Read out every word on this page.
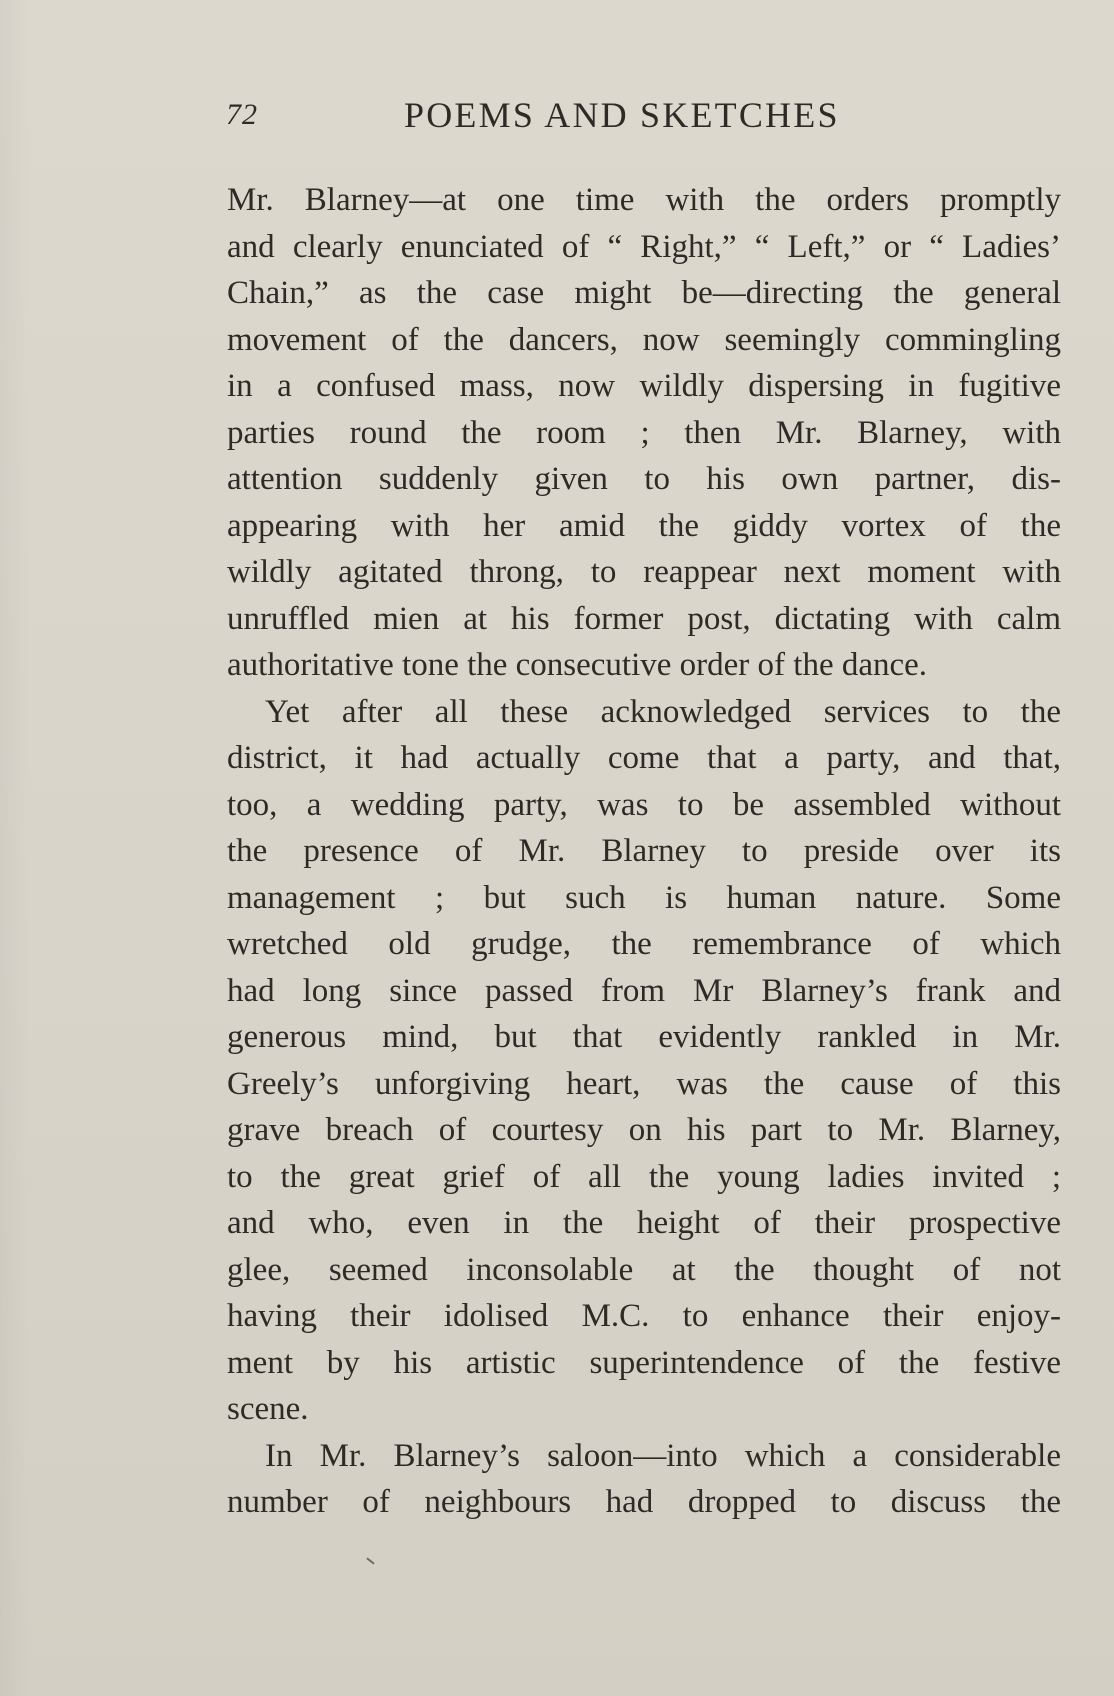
72	POEMS AND SKETCHES
Mr. Blarney—at one time with the orders promptly
and clearly enunciated of “ Right,” “ Left,” or “ Ladies’
Chain,” as the case might be—directing the general
movement of the dancers, now seemingly commingling
in a confused mass, now wildly dispersing in fugitive
parties round the room ; then Mr. Blarney, with
attention suddenly given to his own partner, dis-
appearing with her amid the giddy vortex of the
wildly agitated throng, to reappear next moment with
unruffled mien at his former post, dictating with calm
authoritative tone the consecutive order of the dance.
Yet after all these acknowledged services to the
district, it had actually come that a party, and that,
too, a wedding party, was to be assembled without
the presence of Mr. Blarney to preside over its
management ; but such is human nature. Some
wretched old grudge, the remembrance of which
had long since passed from Mr Blarney’s frank and
generous mind, but that evidently rankled in Mr.
Greely’s unforgiving heart, was the cause of this
grave breach of courtesy on his part to Mr. Blarney,
to the great grief of all the young ladies invited ;
and who, even in the height of their prospective
glee, seemed inconsolable at the thought of not
having their idolised M.C. to enhance their enjoy-
ment by his artistic superintendence of the festive
scene.
In Mr. Blarney’s saloon—into which a considerable
number of neighbours had dropped to discuss the
